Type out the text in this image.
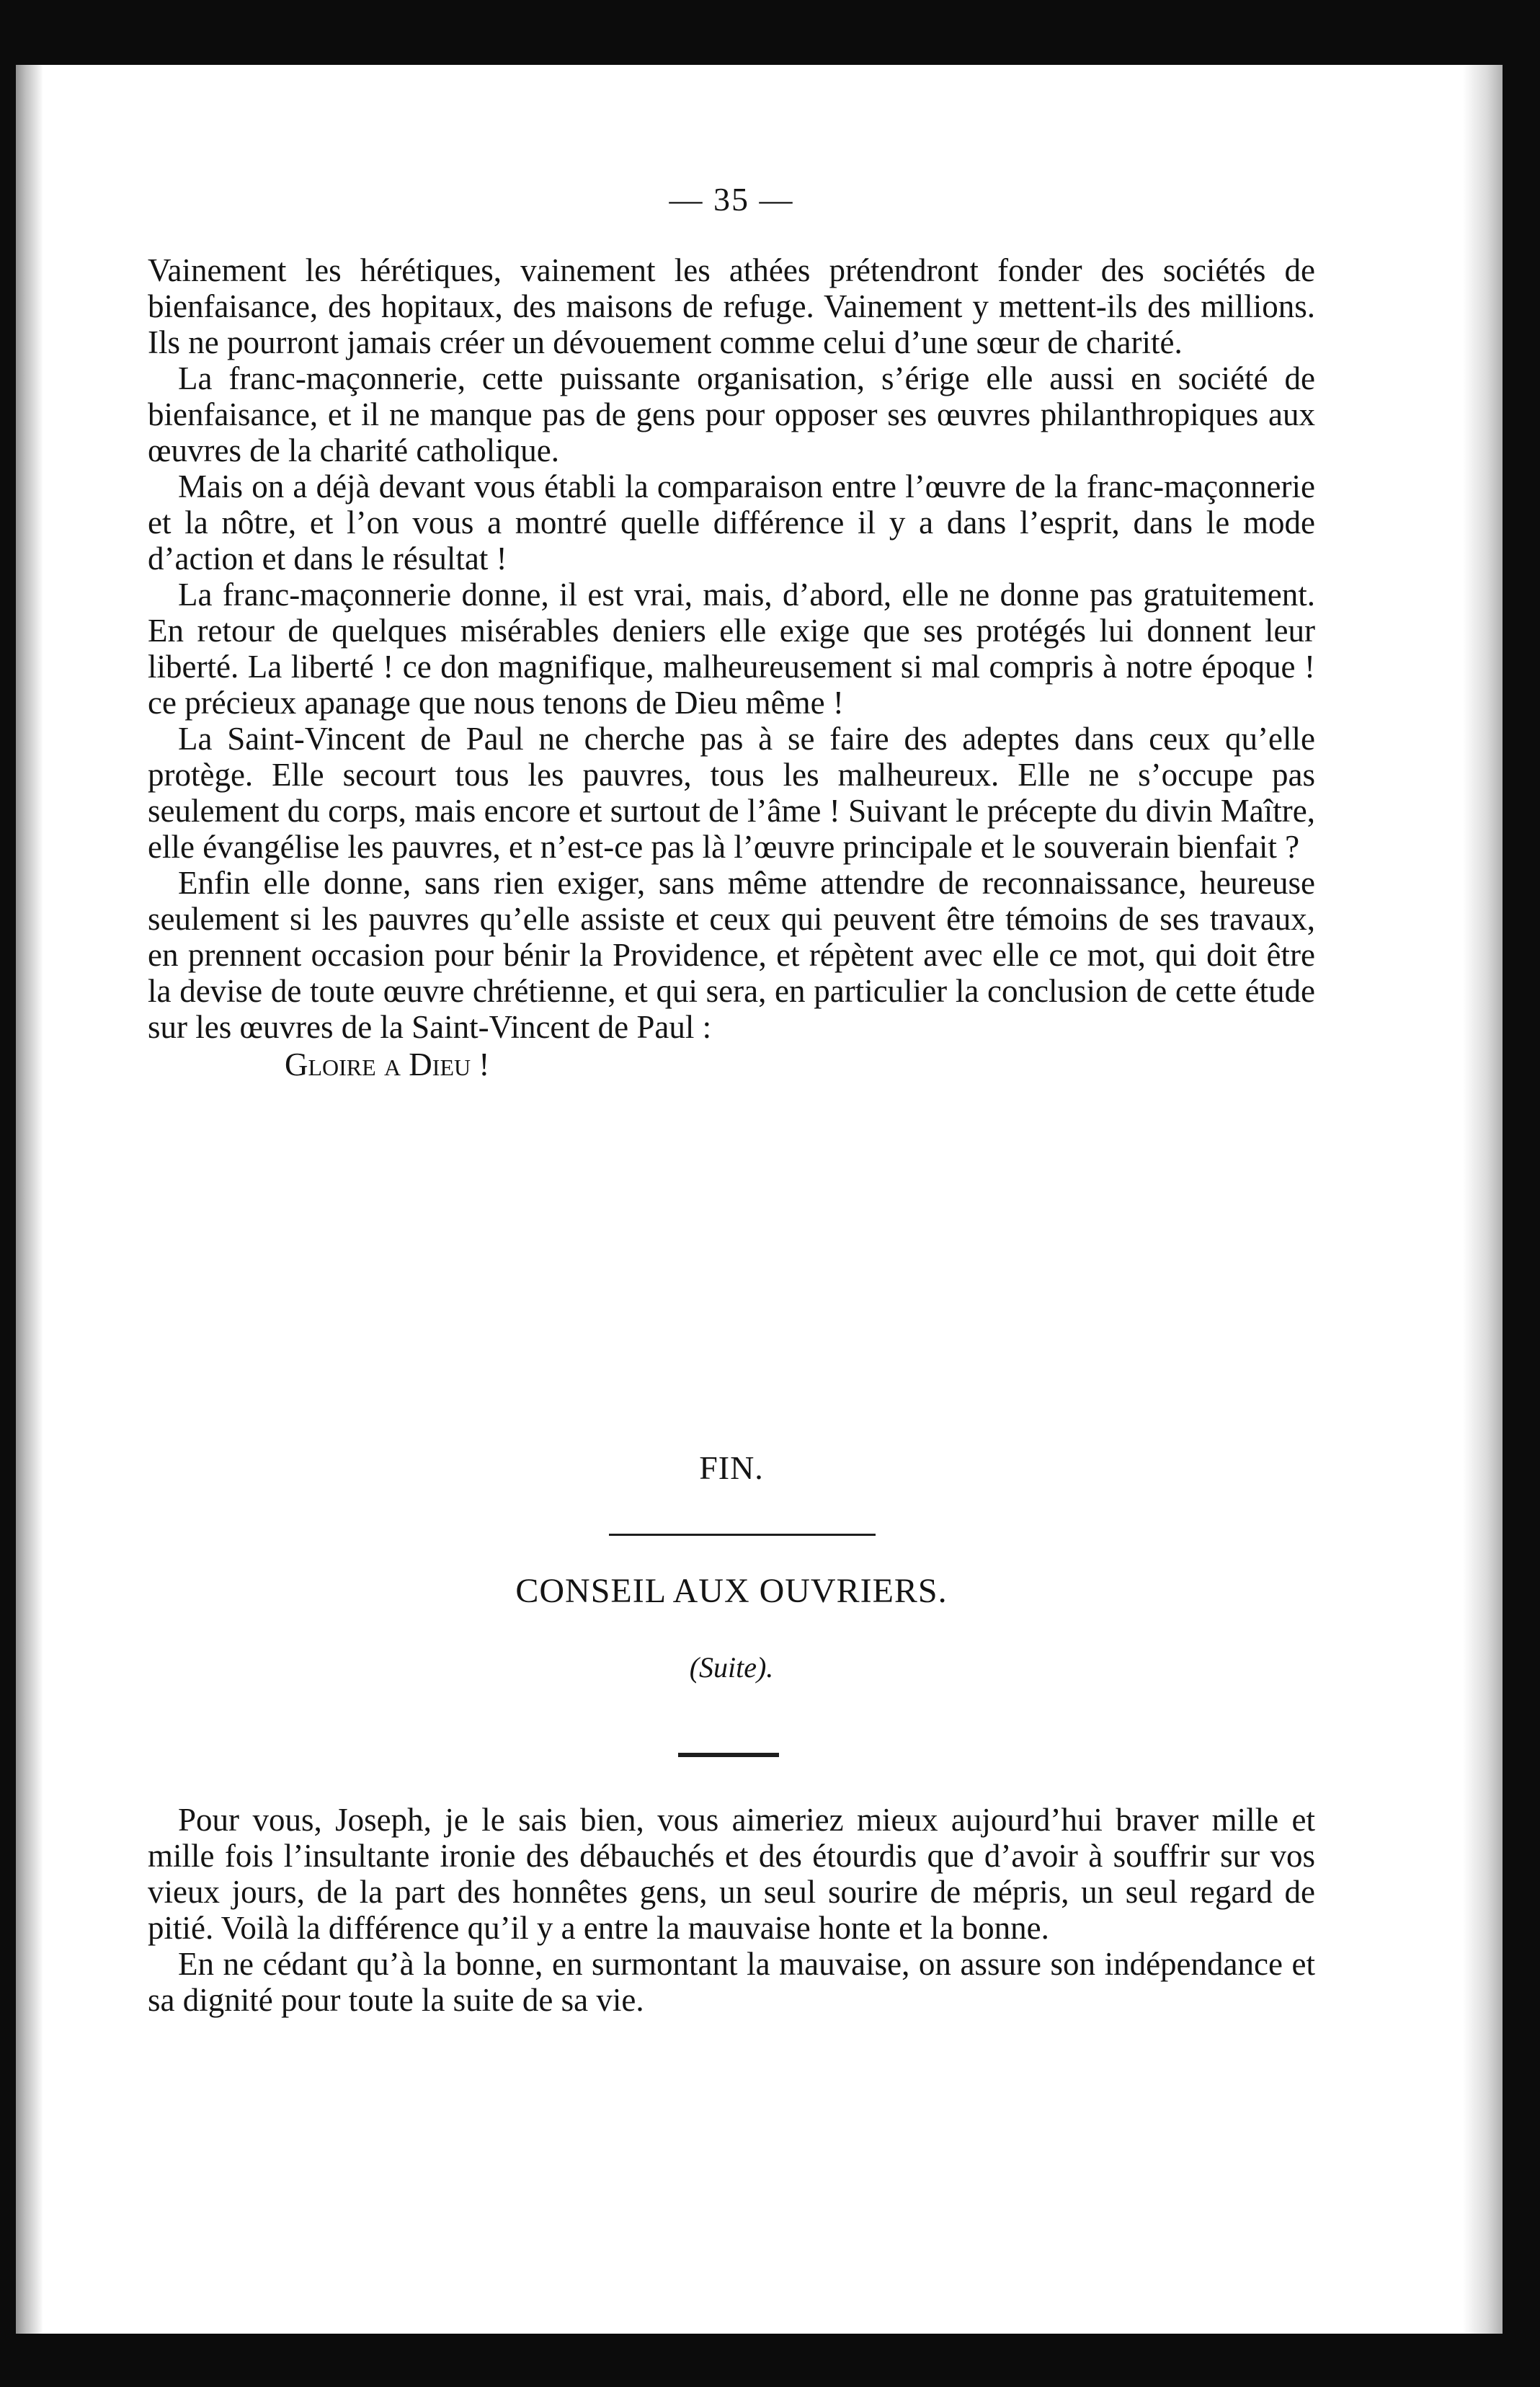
— 35 —

Vainement les hérétiques, vainement les athées prétendront fonder des sociétés de bienfaisance, des hopitaux, des maisons de refuge. Vainement y mettent-ils des millions. Ils ne pourront jamais créer un dévouement comme celui d’une sœur de charité.

La franc-maçonnerie, cette puissante organisation, s’érige elle aussi en société de bienfaisance, et il ne manque pas de gens pour opposer ses œuvres philanthropiques aux œuvres de la charité catholique.

Mais on a déjà devant vous établi la comparaison entre l’œuvre de la franc-maçonnerie et la nôtre, et l’on vous a montré quelle différence il y a dans l’esprit, dans le mode d’action et dans le résultat !

La franc-maçonnerie donne, il est vrai, mais, d’abord, elle ne donne pas gratuitement. En retour de quelques misérables deniers elle exige que ses protégés lui donnent leur liberté. La liberté ! ce don magnifique, malheureusement si mal compris à notre époque ! ce précieux apanage que nous tenons de Dieu même !

La Saint-Vincent de Paul ne cherche pas à se faire des adeptes dans ceux qu’elle protège. Elle secourt tous les pauvres, tous les malheureux. Elle ne s’occupe pas seulement du corps, mais encore et surtout de l’âme ! Suivant le précepte du divin Maître, elle évangélise les pauvres, et n’est-ce pas là l’œuvre principale et le souverain bienfait ?

Enfin elle donne, sans rien exiger, sans même attendre de reconnaissance, heureuse seulement si les pauvres qu’elle assiste et ceux qui peuvent être témoins de ses travaux, en prennent occasion pour bénir la Providence, et répètent avec elle ce mot, qui doit être la devise de toute œuvre chrétienne, et qui sera, en particulier la conclusion de cette étude sur les œuvres de la Saint-Vincent de Paul :

Gloire a Dieu !

FIN.
CONSEIL AUX OUVRIERS.
(Suite).

Pour vous, Joseph, je le sais bien, vous aimeriez mieux aujourd’hui braver mille et mille fois l’insultante ironie des débauchés et des étourdis que d’avoir à souffrir sur vos vieux jours, de la part des honnêtes gens, un seul sourire de mépris, un seul regard de pitié. Voilà la différence qu’il y a entre la mauvaise honte et la bonne.

En ne cédant qu’à la bonne, en surmontant la mauvaise, on assure son indépendance et sa dignité pour toute la suite de sa vie.
